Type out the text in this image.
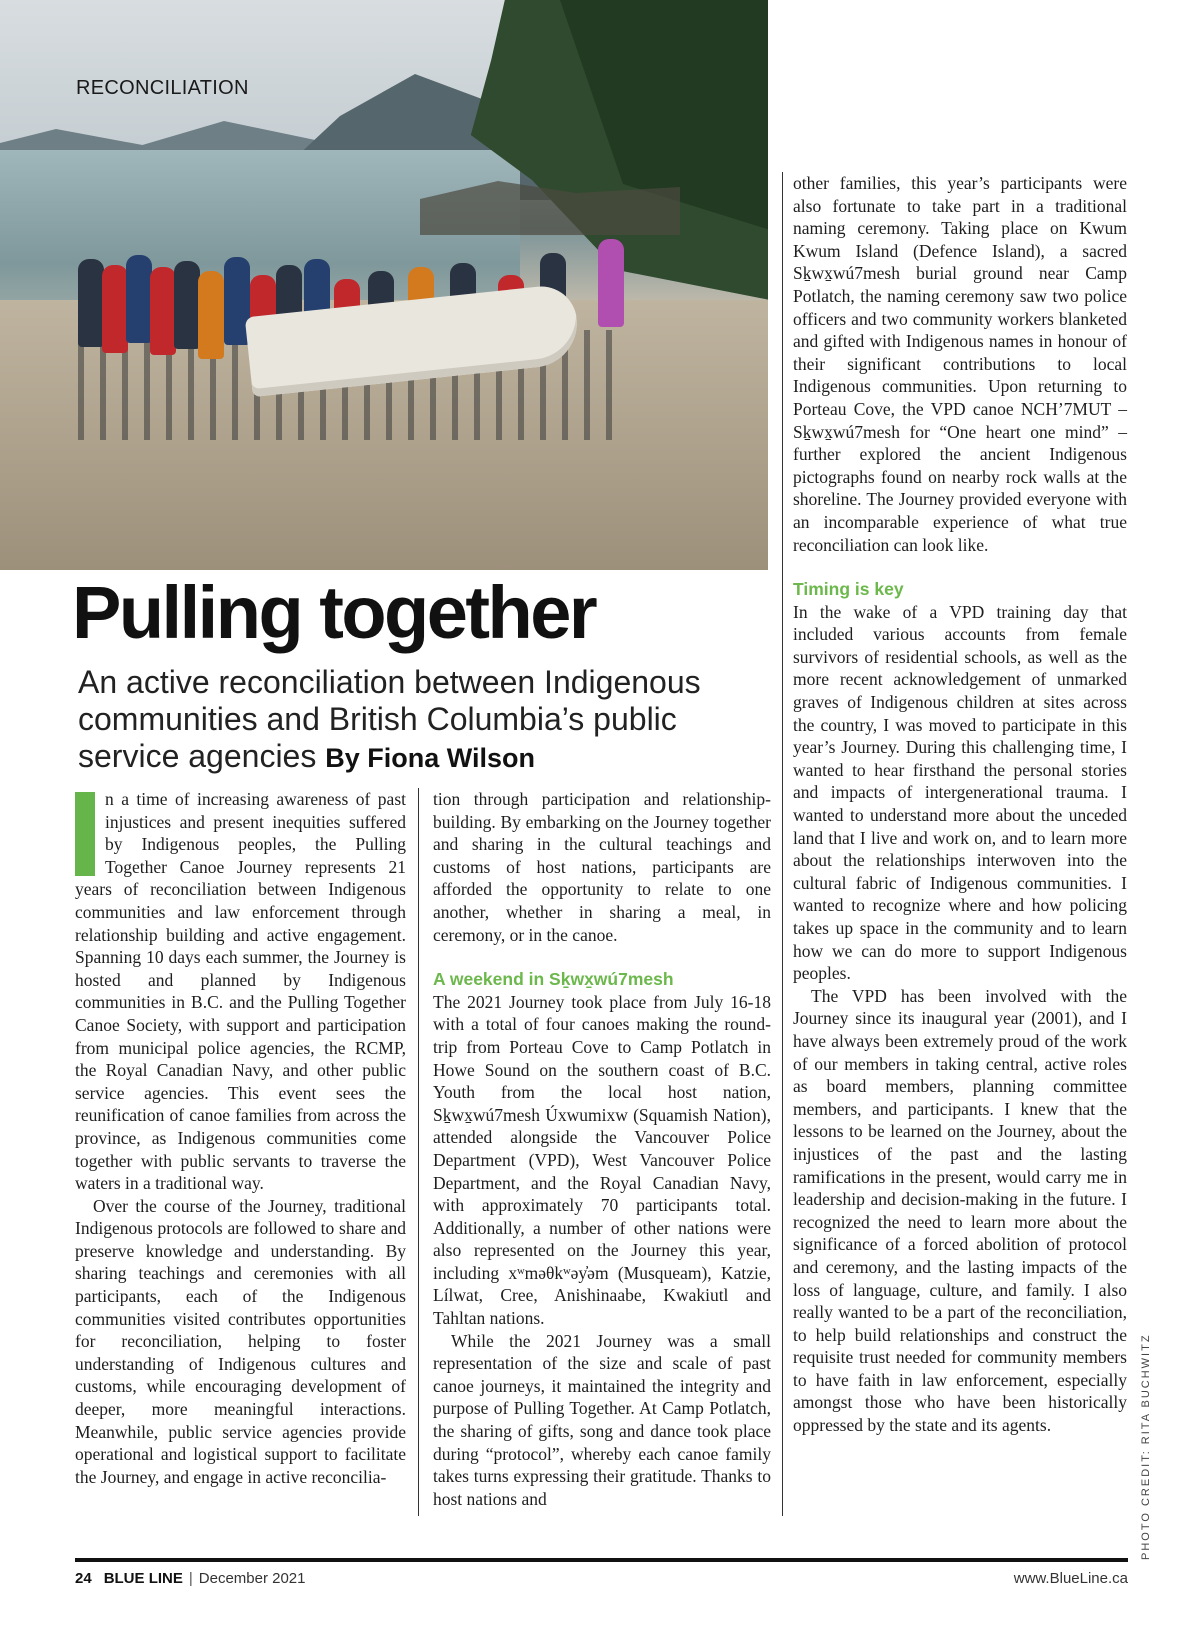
RECONCILIATION
Pulling together
An active reconciliation between Indigenous communities and British Columbia’s public service agencies By Fiona Wilson

n a time of increasing awareness of past injustices and present inequities suffered by Indigenous peoples, the Pulling Together Canoe Journey represents 21 years of reconciliation between Indigenous communities and law enforcement through relationship building and active engagement. Spanning 10 days each summer, the Journey is hosted and planned by Indigenous communities in B.C. and the Pulling Together Canoe Society, with support and participation from municipal police agencies, the RCMP, the Royal Canadian Navy, and other public service agencies. This event sees the reunification of canoe families from across the province, as Indigenous communities come together with public servants to traverse the waters in a traditional way.

Over the course of the Journey, traditional Indigenous protocols are followed to share and preserve knowledge and understanding. By sharing teachings and ceremonies with all participants, each of the Indigenous communities visited contributes opportunities for reconciliation, helping to foster understanding of Indigenous cultures and customs, while encouraging development of deeper, more meaningful interactions. Meanwhile, public service agencies provide operational and logistical support to facilitate the Journey, and engage in active reconcilia-

tion through participation and relationship-building. By embarking on the Journey together and sharing in the cultural teachings and customs of host nations, participants are afforded the opportunity to relate to one another, whether in sharing a meal, in ceremony, or in the canoe.

A weekend in Sḵwx̱wú7mesh

The 2021 Journey took place from July 16-18 with a total of four canoes making the round-trip from Porteau Cove to Camp Potlatch in Howe Sound on the southern coast of B.C. Youth from the local host nation, Sḵwx̱wú7mesh Úxwumixw (Squamish Nation), attended alongside the Vancouver Police Department (VPD), West Vancouver Police Department, and the Royal Canadian Navy, with approximately 70 participants total. Additionally, a number of other nations were also represented on the Journey this year, including xʷməθkʷəy̓əm (Musqueam), Katzie, Lílwat, Cree, Anishinaabe, Kwakiutl and Tahltan nations.

While the 2021 Journey was a small representation of the size and scale of past canoe journeys, it maintained the integrity and purpose of Pulling Together. At Camp Potlatch, the sharing of gifts, song and dance took place during “protocol”, whereby each canoe family takes turns expressing their gratitude. Thanks to host nations and

other families, this year’s participants were also fortunate to take part in a traditional naming ceremony. Taking place on Kwum Kwum Island (Defence Island), a sacred Sḵwx̱wú7mesh burial ground near Camp Potlatch, the naming ceremony saw two police officers and two community workers blanketed and gifted with Indigenous names in honour of their significant contributions to local Indigenous communities. Upon returning to Porteau Cove, the VPD canoe NCH’7MUT – Sḵwx̱wú7mesh for “One heart one mind” – further explored the ancient Indigenous pictographs found on nearby rock walls at the shoreline. The Journey provided everyone with an incomparable experience of what true reconciliation can look like.

Timing is key

In the wake of a VPD training day that included various accounts from female survivors of residential schools, as well as the more recent acknowledgement of unmarked graves of Indigenous children at sites across the country, I was moved to participate in this year’s Journey. During this challenging time, I wanted to hear firsthand the personal stories and impacts of intergenerational trauma. I wanted to understand more about the unceded land that I live and work on, and to learn more about the relationships interwoven into the cultural fabric of Indigenous communities. I wanted to recognize where and how policing takes up space in the community and to learn how we can do more to support Indigenous peoples.

The VPD has been involved with the Journey since its inaugural year (2001), and I have always been extremely proud of the work of our members in taking central, active roles as board members, planning committee members, and participants. I knew that the lessons to be learned on the Journey, about the injustices of the past and the lasting ramifications in the present, would carry me in leadership and decision-making in the future. I recognized the need to learn more about the significance of a forced abolition of protocol and ceremony, and the lasting impacts of the loss of language, culture, and family. I also really wanted to be a part of the reconciliation, to help build relationships and construct the requisite trust needed for community members to have faith in law enforcement, especially amongst those who have been historically oppressed by the state and its agents.	PHOTO CREDIT: RITA BUCHWITZ
24 BLUE LINE | December 2021	www.BlueLine.ca
